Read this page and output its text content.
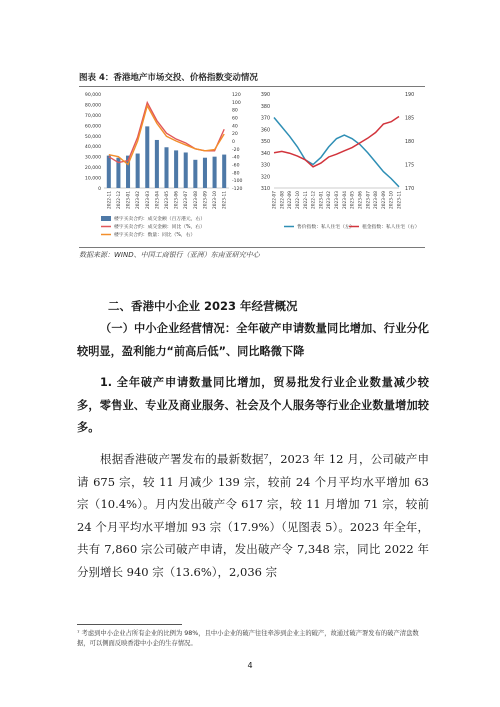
图表 4：香港地产市场交投、价格指数变动情况
90,000
80,000
70,000
60,000
50,000
40,000
30,000
20,000
10,000
0
120
100
80
60
40
20
0
-20
-40
-60
-80
-100
-120
2022-11 2022-12 2023-01 2023-02 2023-03 2023-04 2023-05 2023-06 2023-07 2023-08 2023-09 2023-10 2023-11
楼宇买卖合约：成交金额（百万港元，右）
楼宇买卖合约：成交金额：同比（%，右）
楼宇买卖合约：数量：同比（%，右）
390
380
370
360
350
340
330
320
310
190
185
180
175
170
2022-07 2022-08 2022-09 2022-10 2022-11 2022-12 2023-01 2023-02 2023-03 2023-04 2023-05 2023-06 2023-07 2023-08 2023-09 2023-10 2023-11
售价指数：私人住宅（左） 租金指数：私人住宅（右）
数据来源：WIND、中国工商银行（亚洲）东南亚研究中心
二、香港中小企业 2023 年经营概况

（一）中小企业经营情况：全年破产申请数量同比增加、行业分化较明显，盈利能力“前高后低”、同比略微下降

1. 全年破产申请数量同比增加，贸易批发行业企业数量减少较多，零售业、专业及商业服务、社会及个人服务等行业企业数量增加较多。

根据香港破产署发布的最新数据⁷，2023 年 12 月，公司破产申请 675 宗，较 11 月减少 139 宗，较前 24 个月平均水平增加 63 宗（10.4%）。月内发出破产令 617 宗，较 11 月增加 71 宗，较前 24 个月平均水平增加 93 宗（17.9%）（见图表 5）。2023 年全年，共有 7,860 宗公司破产申请，发出破产令 7,348 宗，同比 2022 年分别增长 940 宗（13.6%），2,036 宗

⁷ 考虑到中小企业占所有企业的比例为 98%，且中小企业的破产往往牵涉到企业主的破产，故通过破产署发布的破产清盘数据，可以侧面反映香港中小企的生存情况。
4
